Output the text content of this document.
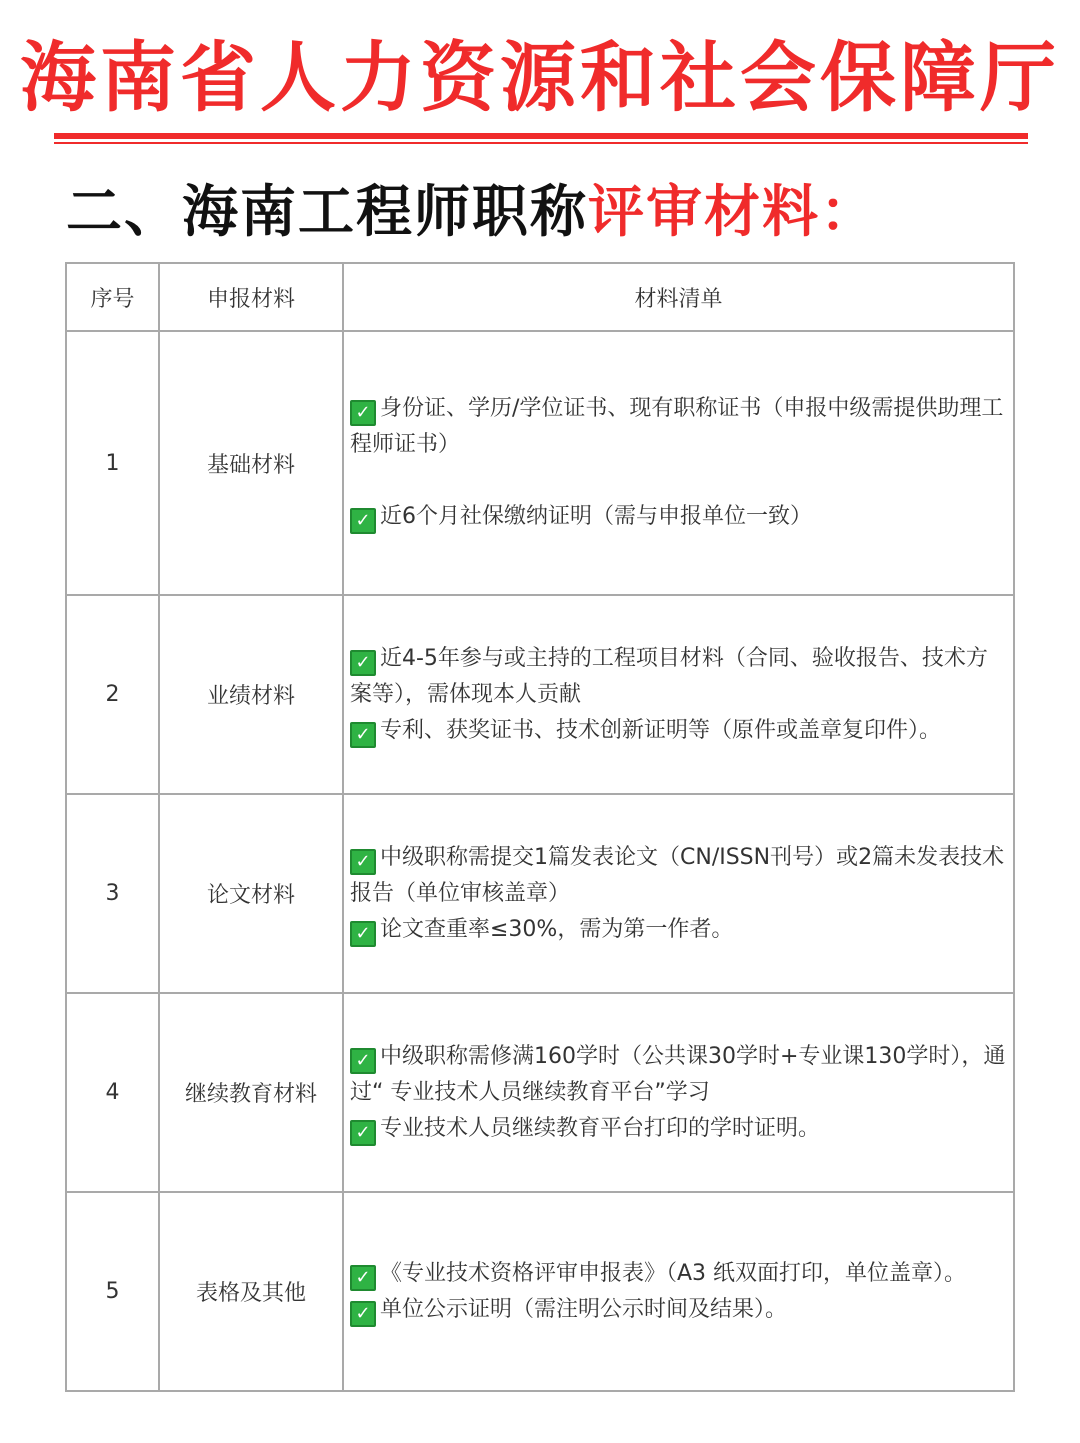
海南省人力资源和社会保障厅
二、海南工程师职称评审材料：
序号	申报材料	材料清单
1	基础材料	✓ 身份证、学历/学位证书、现有职称证书（申报中级需提供助理工程师证书）

✓ 近6个月社保缴纳证明（需与申报单位一致）

2	业绩材料	✓ 近4-5年参与或主持的工程项目材料（合同、验收报告、技术方案等），需体现本人贡献

✓ 专利、获奖证书、技术创新证明等（原件或盖章复印件）。

3	论文材料	✓ 中级职称需提交1篇发表论文（CN/ISSN刊号）或2篇未发表技术报告（单位审核盖章）

✓ 论文查重率≤30%，需为第一作者。

4	继续教育材料	✓ 中级职称需修满160学时（公共课30学时+专业课130学时），通过“ 专业技术人员继续教育平台”学习

✓ 专业技术人员继续教育平台打印的学时证明。

5	表格及其他	✓ 《专业技术资格评审申报表》（A3 纸双面打印，单位盖章）。

✓ 单位公示证明（需注明公示时间及结果）。
